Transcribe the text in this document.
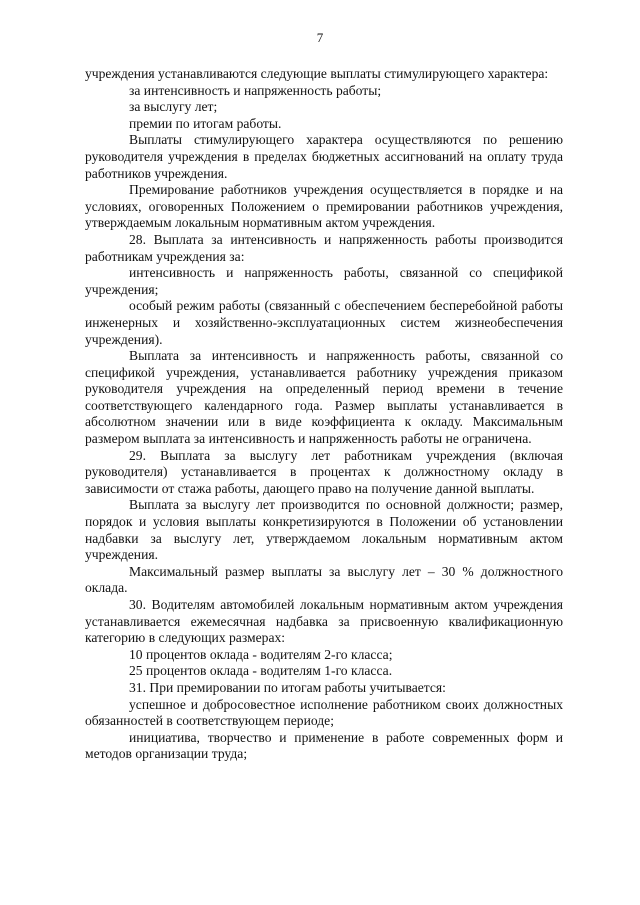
7

учреждения устанавливаются следующие выплаты стимулирующего характера:

за интенсивность и напряженность работы;

за выслугу лет;

премии по итогам работы.

Выплаты стимулирующего характера осуществляются по решению руководителя учреждения в пределах бюджетных ассигнований на оплату труда работников учреждения.

Премирование работников учреждения осуществляется в порядке и на условиях, оговоренных Положением о премировании работников учреждения, утверждаемым локальным нормативным актом учреждения.

28. Выплата за интенсивность и напряженность работы производится работникам учреждения за:

интенсивность и напряженность работы, связанной со спецификой учреждения;

особый режим работы (связанный с обеспечением бесперебойной работы инженерных и хозяйственно-эксплуатационных систем жизнеобеспечения учреждения).

Выплата за интенсивность и напряженность работы, связанной со спецификой учреждения, устанавливается работнику учреждения приказом руководителя учреждения на определенный период времени в течение соответствующего календарного года. Размер выплаты устанавливается в абсолютном значении или в виде коэффициента к окладу. Максимальным размером выплата за интенсивность и напряженность работы не ограничена.

29. Выплата за выслугу лет работникам учреждения (включая руководителя) устанавливается в процентах к должностному окладу в зависимости от стажа работы, дающего право на получение данной выплаты.

Выплата за выслугу лет производится по основной должности; размер, порядок и условия выплаты конкретизируются в Положении об установлении надбавки за выслугу лет, утверждаемом локальным нормативным актом учреждения.

Максимальный размер выплаты за выслугу лет – 30 % должностного оклада.

30. Водителям автомобилей локальным нормативным актом учреждения устанавливается ежемесячная надбавка за присвоенную квалификационную категорию в следующих размерах:

10 процентов оклада - водителям 2-го класса;

25 процентов оклада - водителям 1-го класса.

31. При премировании по итогам работы учитывается:

успешное и добросовестное исполнение работником своих должностных обязанностей в соответствующем периоде;

инициатива, творчество и применение в работе современных форм и методов организации труда;
